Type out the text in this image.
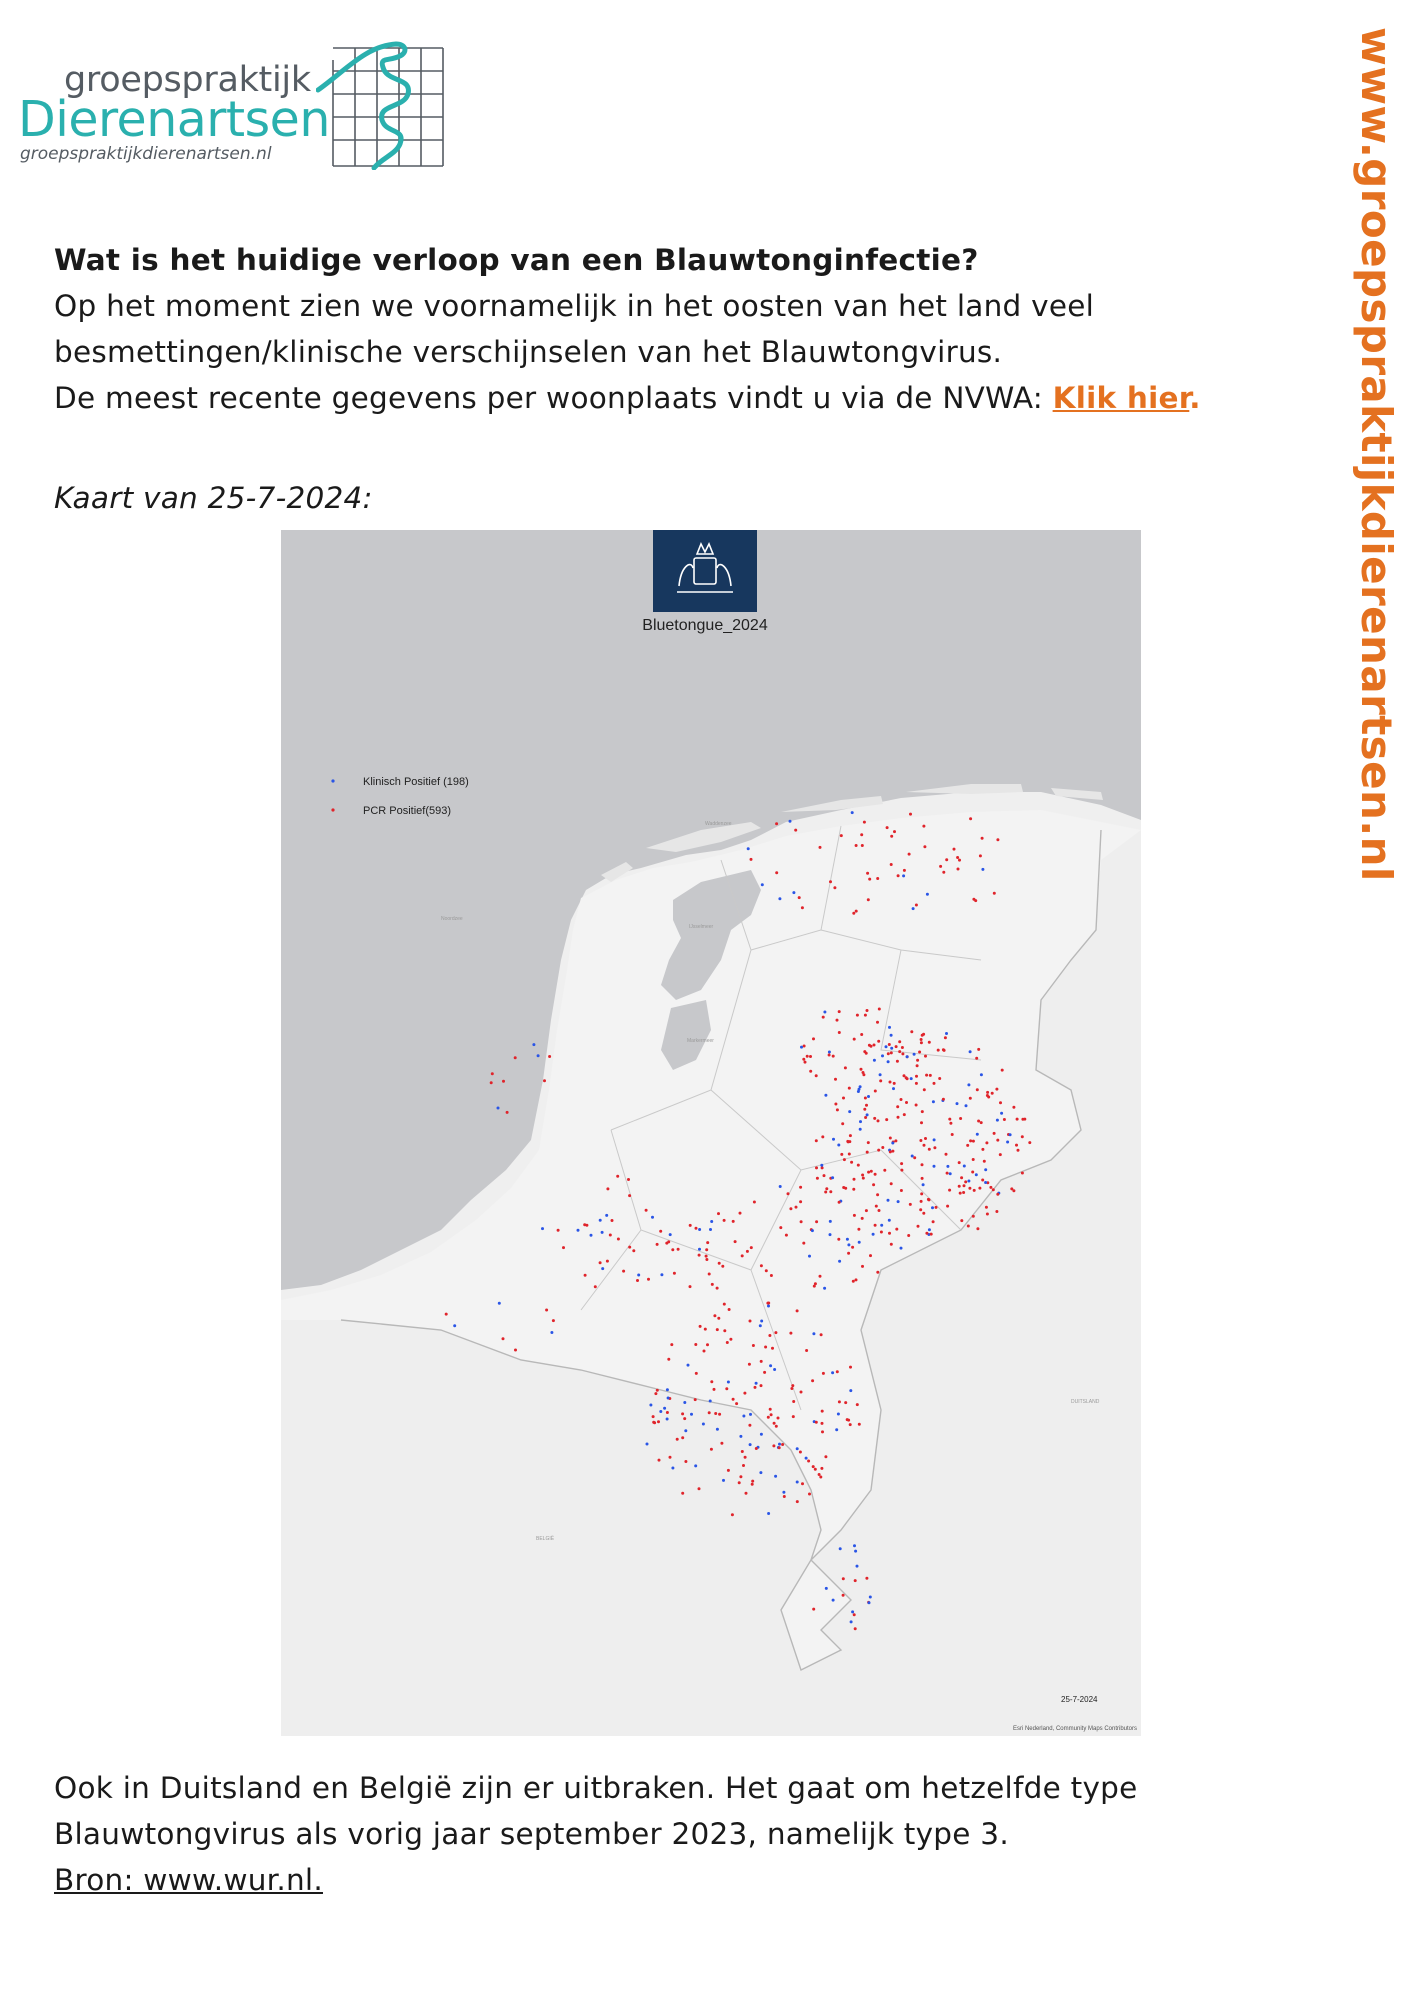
groepspraktijk
Dierenartsen
groepspraktijkdierenartsen.nl	www.groepspraktijkdierenartsen.nl
Wat is het huidige verloop van een Blauwtonginfectie?
Op het moment zien we voornamelijk in het oosten van het land veel
besmettingen/klinische verschijnselen van het Blauwtongvirus.
De meest recente gegevens per woonplaats vindt u via de NVWA: Klik hier.
Kaart van 25-7-2024:
Bluetongue_2024
Waddenzee
Noordzee
IJsselmeer
Markermeer
DUITSLAND
BELGIË
Klinisch Positief (198)
PCR Positief(593)
25-7-2024
Esri Nederland, Community Maps Contributors
Ook in Duitsland en België zijn er uitbraken. Het gaat om hetzelfde type
Blauwtongvirus als vorig jaar september 2023, namelijk type 3.
Bron: www.wur.nl.
